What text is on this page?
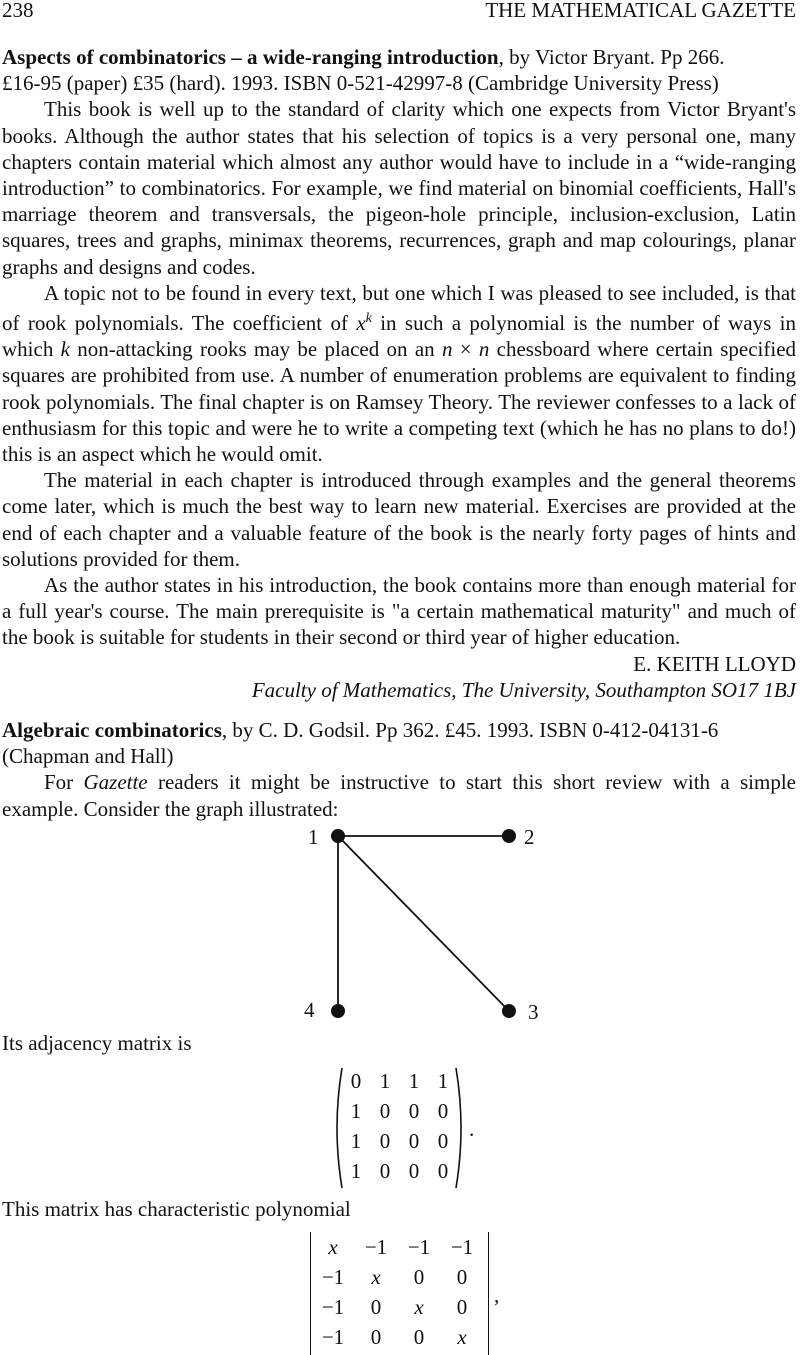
238	THE MATHEMATICAL GAZETTE

Aspects of combinatorics – a wide-ranging introduction, by Victor Bryant. Pp 266.
£16-95 (paper) £35 (hard). 1993. ISBN 0-521-42997-8 (Cambridge University Press)

This book is well up to the standard of clarity which one expects from Victor Bryant's books. Although the author states that his selection of topics is a very personal one, many chapters contain material which almost any author would have to include in a “wide-ranging introduction” to combinatorics. For example, we find material on binomial coefficients, Hall's marriage theorem and transversals, the pigeon-hole principle, inclusion-exclusion, Latin squares, trees and graphs, minimax theorems, recurrences, graph and map colourings, planar graphs and designs and codes.

A topic not to be found in every text, but one which I was pleased to see included, is that of rook polynomials. The coefficient of $x^k$ in such a polynomial is the number of ways in which k non-attacking rooks may be placed on an n × n chessboard where certain specified squares are prohibited from use. A number of enumeration problems are equivalent to finding rook polynomials. The final chapter is on Ramsey Theory. The reviewer confesses to a lack of enthusiasm for this topic and were he to write a competing text (which he has no plans to do!) this is an aspect which he would omit.

The material in each chapter is introduced through examples and the general theorems come later, which is much the best way to learn new material. Exercises are provided at the end of each chapter and a valuable feature of the book is the nearly forty pages of hints and solutions provided for them.

As the author states in his introduction, the book contains more than enough material for a full year's course. The main prerequisite is "a certain mathematical maturity" and much of the book is suitable for students in their second or third year of higher education.

E. KEITH LLOYD

Faculty of Mathematics, The University, Southampton SO17 1BJ

Algebraic combinatorics, by C. D. Godsil. Pp 362. £45. 1993. ISBN 0-412-04131-6
(Chapman and Hall)

For Gazette readers it might be instructive to start this short review with a simple example. Consider the graph illustrated:

1	2
3
4

Its adjacency matrix is

.
0 1 1 1
1 0 0 0
1 0 0 0
1 0 0 0

This matrix has characteristic polynomial

,
x	−1 −1 −1
−1	x	0	0
−1	0	x	0
−1	0	0	x
